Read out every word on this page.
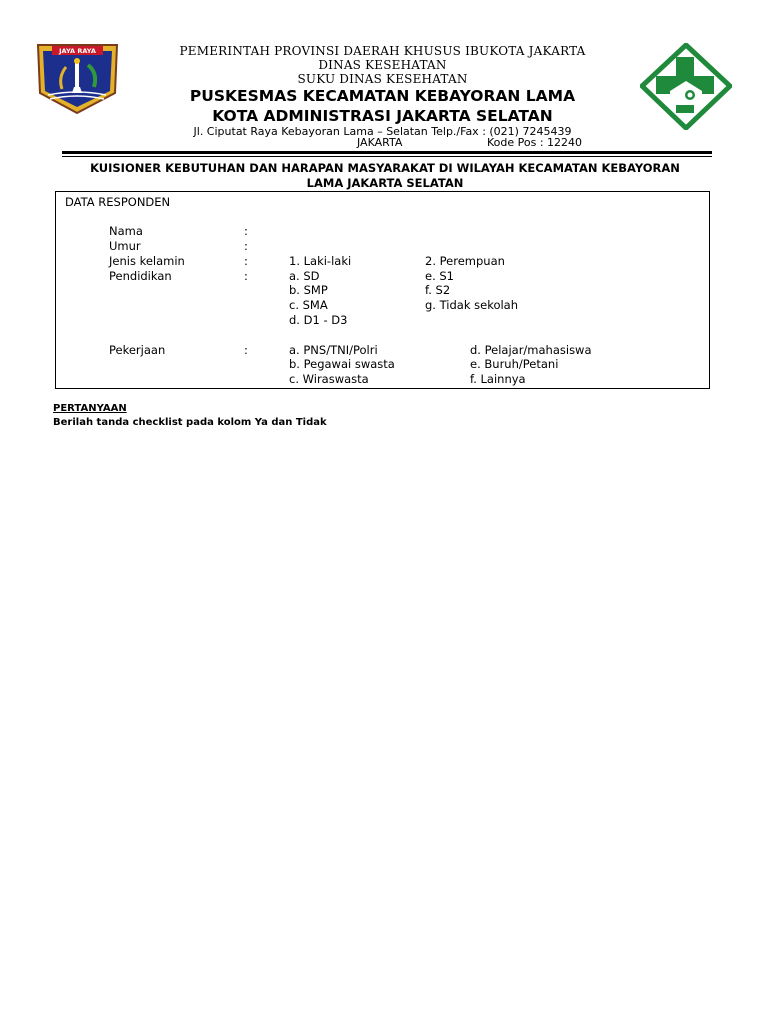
JAYA RAYA	PEMERINTAH PROVINSI DAERAH KHUSUS IBUKOTA JAKARTA
DINAS KESEHATAN
SUKU DINAS KESEHATAN
PUSKESMAS KECAMATAN KEBAYORAN LAMA
KOTA ADMINISTRASI JAKARTA SELATAN
Jl. Ciputat Raya Kebayoran Lama – Selatan Telp./Fax : (021) 7245439
JAKARTA	Kode Pos : 12240
KUISIONER KEBUTUHAN DAN HARAPAN MASYARAKAT DI WILAYAH KECAMATAN KEBAYORAN
LAMA JAKARTA SELATAN
DATA RESPONDEN
Nama	:
Umur	:
Jenis kelamin	:	1. Laki-laki	2. Perempuan
Pendidikan	:	a. SD	e. S1
b. SMP	f. S2
c. SMA	g. Tidak sekolah
d. D1 - D3
Pekerjaan	:	a. PNS/TNI/Polri	d. Pelajar/mahasiswa
b. Pegawai swasta	e. Buruh/Petani
c. Wiraswasta	f. Lainnya
PERTANYAAN
Berilah tanda checklist pada kolom Ya dan Tidak
